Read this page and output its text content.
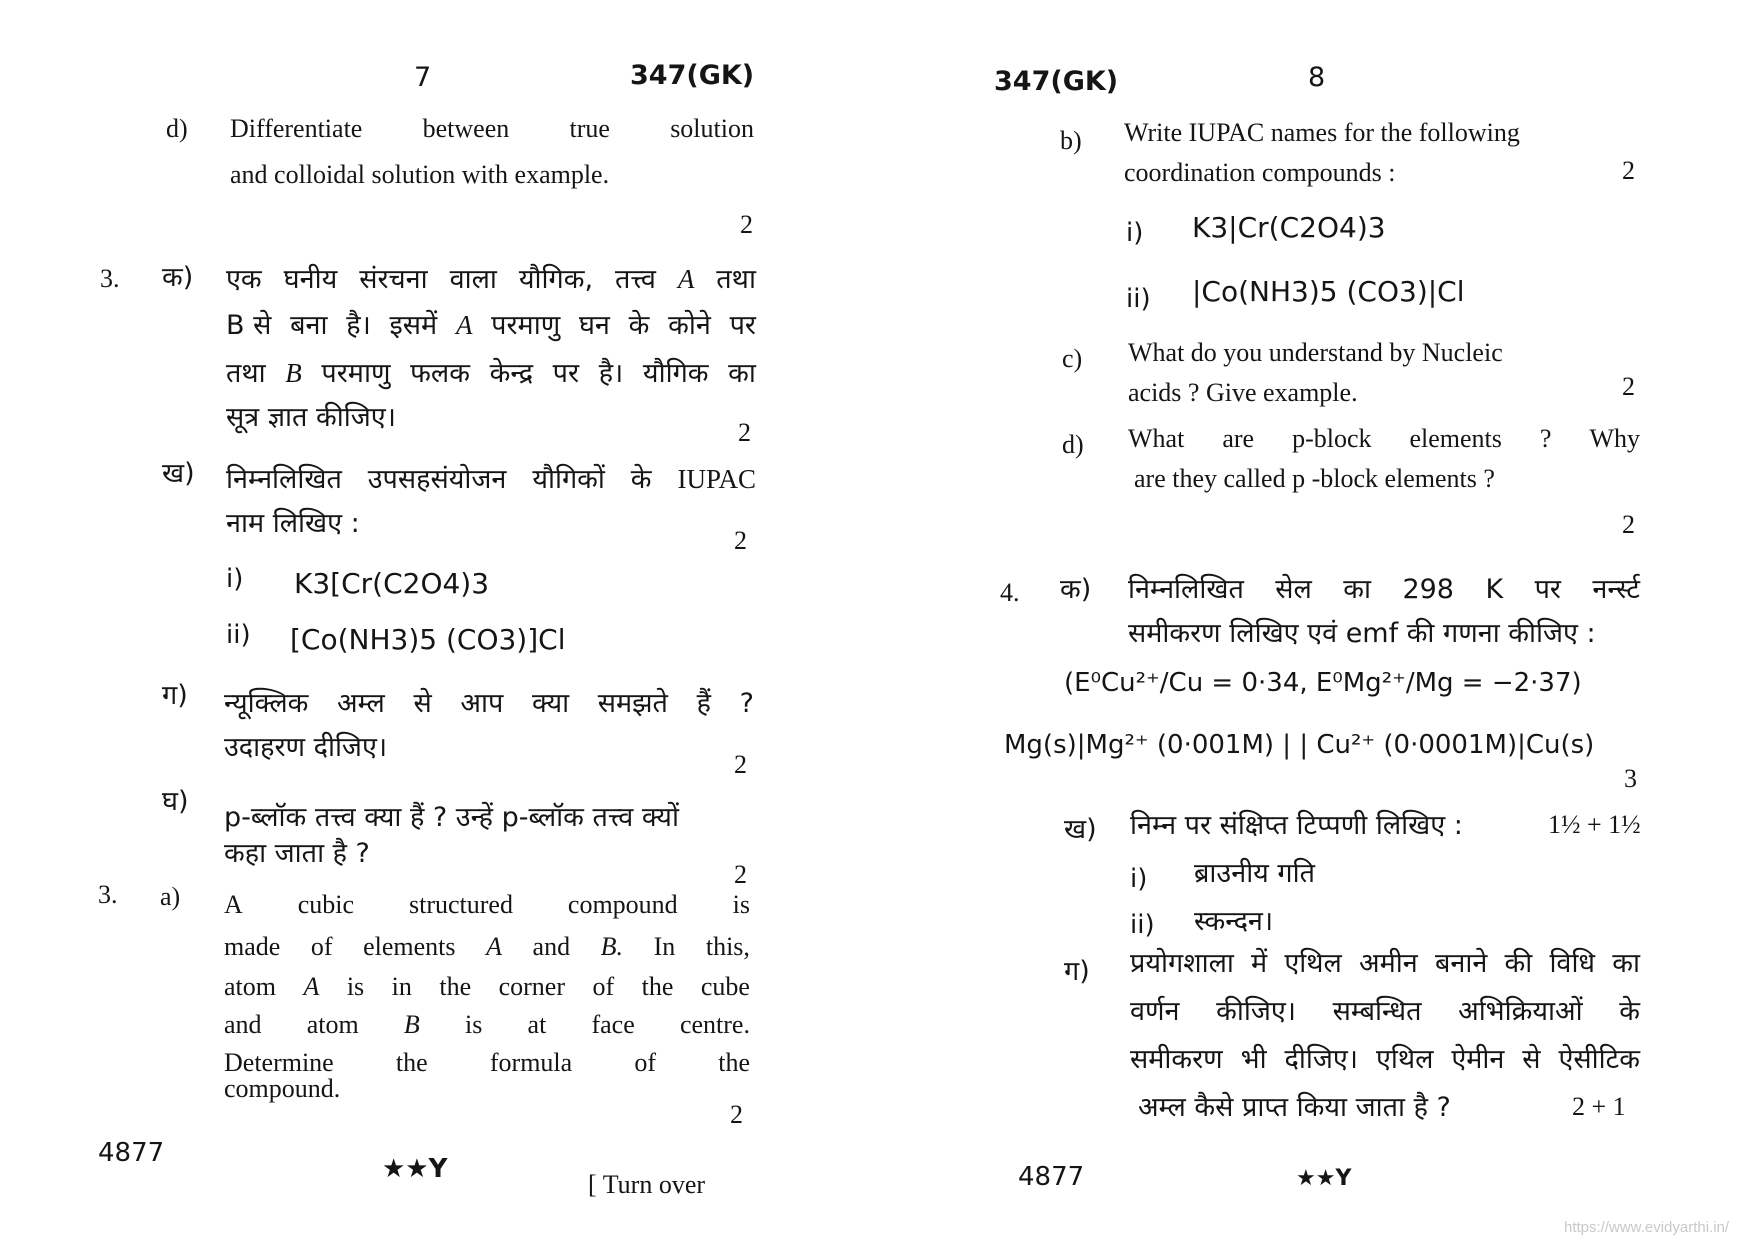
7	347(GK)
d) Differentiate between true solution
and colloidal solution with example.
2
3. क) एक घनीय संरचना वाला यौगिक, तत्त्व A तथा
B से बना है। इसमें A परमाणु घन के कोने पर
तथा B परमाणु फलक केन्द्र पर है। यौगिक का
सूत्र ज्ञात कीजिए।	2
ख) निम्नलिखित उपसहसंयोजन यौगिकों के IUPAC
नाम लिखिए :
2
i) K3[Cr(C2O4)3
ii) [Co(NH3)5 (CO3)]Cl
ग) न्यूक्लिक अम्ल से आप क्या समझते हैं ?
उदाहरण दीजिए।
2
घ)
p-ब्लॉक तत्त्व क्या हैं ? उन्हें p-ब्लॉक तत्त्व क्यों
कहा जाता है ?
2
3. a) A cubic structured compound is
made of elements A and B. In this,
atom A is in the corner of the cube
and atom B is at face centre.
Determine the formula of the
compound.
2
4877
★★Y
[ Turn over
347(GK)	8
b) Write IUPAC names for the following
coordination compounds :	2
i) K3|Cr(C2O4)3
ii) |Co(NH3)5 (CO3)|Cl
c) What do you understand by Nucleic
acids ? Give example.	2
d) What are p-block elements ? Why
are they called p -block elements ?
2
4. क) निम्नलिखित सेल का 298 K पर नर्न्स्ट
समीकरण लिखिए एवं emf की गणना कीजिए :
(E⁰Cu²⁺/Cu = 0·34, E⁰Mg²⁺/Mg = −2·37)
Mg(s)|Mg²⁺ (0·001M) | | Cu²⁺ (0·0001M)|Cu(s)
3
ख) निम्न पर संक्षिप्त टिप्पणी लिखिए :	1½ + 1½
i) ब्राउनीय गति
ii) स्कन्दन।
ग) प्रयोगशाला में एथिल अमीन बनाने की विधि का
वर्णन कीजिए। सम्बन्धित अभिक्रियाओं के
समीकरण भी दीजिए। एथिल ऐमीन से ऐसीटिक
अम्ल कैसे प्राप्त किया जाता है ?	2 + 1
4877	★★Y
https://www.evidyarthi.in/
